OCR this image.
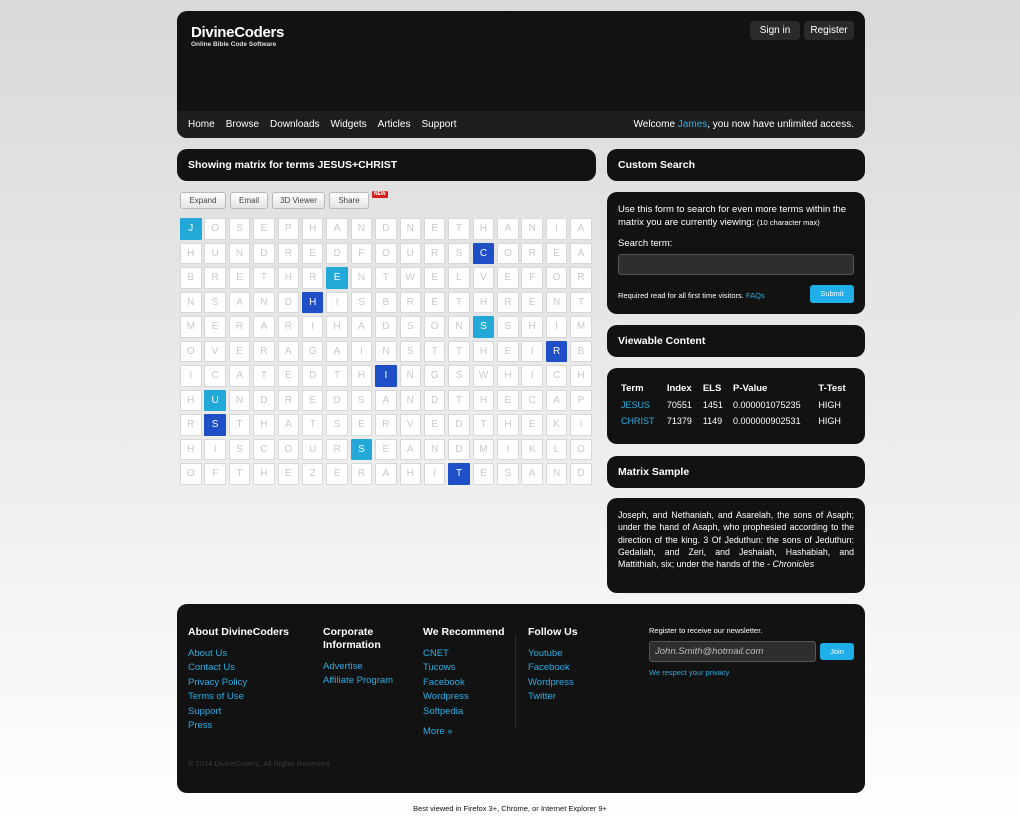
DivineCoders
Online Bible Code Software
Sign in	Register
Home Browse Downloads Widgets Articles Support	Welcome James, you now have unlimited access.
Showing matrix for terms JESUS+CHRIST
Expand	Email	3D Viewer	Share
NEW
J	O	S	E	P	H	A	N	D	N	E	T	H	A	N	I	A
H	U	N	D	R	E	D	F	O	U	R	S	C	O	R	E	A
B	R	E	T	H	R	E	N	T	W	E	L	V	E	F	O	R
N	S	A	N	D	H	I	S	B	R	E	T	H	R	E	N	T
M	E	R	A	R	I	H	A	D	S	O	N	S	S	H	I	M
O	V	E	R	A	G	A	I	N	S	T	T	H	E	I	R	B
I	C	A	T	E	D	T	H	I	N	G	S	W	H	I	C	H
H	U	N	D	R	E	D	S	A	N	D	T	H	E	C	A	P
R	S	T	H	A	T	S	E	R	V	E	D	T	H	E	K	I
H	I	S	C	O	U	R	S	E	A	N	D	M	I	K	L	O
O	F	T	H	E	Z	E	R	A	H	I	T	E	S	A	N	D
Custom Search
Use this form to search for even more terms within the matrix you are currently viewing: (10 character max)
Search term:
Required read for all first time visitors. FAQs	Submit
Viewable Content
Term	Index	ELS	P-Value	T-Test
JESUS	70551	1451	0.000001075235	HIGH
CHRIST	71379	1149	0.000000902531	HIGH
Matrix Sample
Joseph, and Nethaniah, and Asarelah, the sons of Asaph; under the hand of Asaph, who prophesied according to the direction of the king. 3 Of Jeduthun: the sons of Jeduthun: Gedaliah, and Zeri, and Jeshaiah, Hashabiah, and Mattithiah, six; under the hands of the - Chronicles
About DivineCoders
About Us
Contact Us
Privacy Policy
Terms of Use
Support
Press
Corporate Information
Advertise
Affiliate Program
We Recommend
CNET
Tucows
Facebook
Wordpress
Softpedia
More »
Follow Us
Youtube
Facebook
Wordpress
Twitter
Register to receive our newsletter.
John.Smith@hotmail.com	Join
We respect your privacy
© 2014 DivineCoders, All Rights Reserved
Best viewed in Firefox 3+, Chrome, or Internet Explorer 9+
